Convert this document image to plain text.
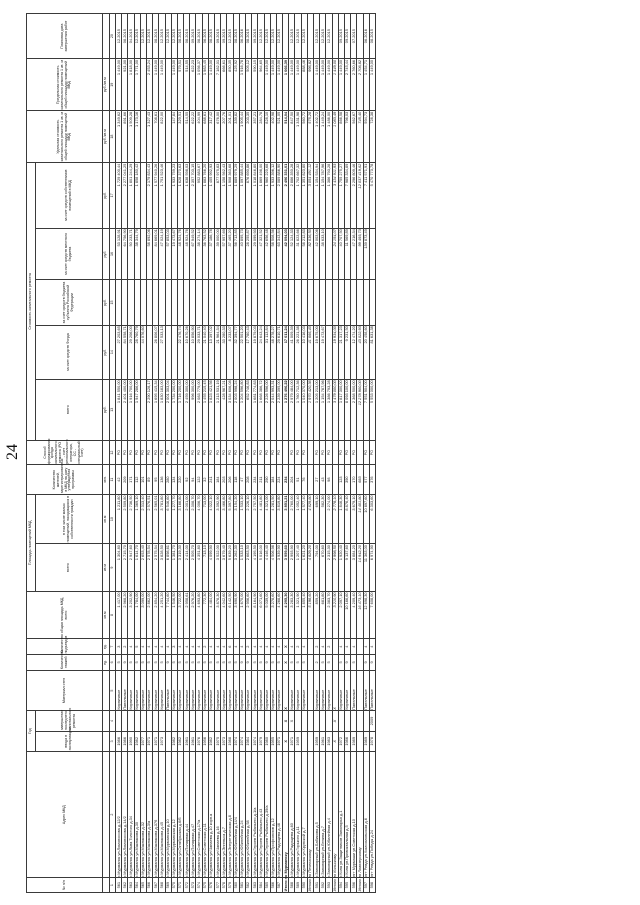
24
№ п/п	Адрес МКД	Год		Материал стен	Количество этажей	Количество подъездов	общая площадь МКД, всего	Площадь помещений МКД		Количество жителей, зарегистрированных в МКД на дату утверждения программы	Способ формирования фонда капитального ремонта (РО - счет регионального оператора, СС - специальный счет)	Стоимость капитального ремонта					Удельная стоимость капитального ремонта 1 кв. м общей площади помещений МКД	Предельная стоимость капитального ремонта 1 кв. м общей площади помещений МКД	Плановая дата завершения работ
		ввода в эксплуатацию	завершение последнего капитального ремонта					всего	в том числе жилых помещений, находящихся в собственности граждан			всего	за счет средств Фонда	за счет средств бюджета субъекта Российской Федерации	за счет средств местного бюджета	за счет средств собственников помещений в МКД			
					ед.	ед.	кв.м	кв.м	кв.м	чел.		руб.	руб.	руб.	руб.	руб.	руб./кв.м	руб./кв.м	
1	2	3	4	5	6	7	8	9	10	11	12	13	14	15	16	17	18	19	20
561	г.Мурманск ул.Ломоносова д.12/2	1986		Кирпичные	5	3	1 417,00	1 304,80	1 211,80	42	РО	1 841 550,00	27 203,65		53 128,91	1 729 400,44	1 349,62	1 449,00	12.2015
562	г.Мурманск ул.Ломоносова д.14/2	1986		Панельные	9	2	2 968,20	2 715,70	2 509,80	209	РО	2 401 400,00	84 558,71		64 756,90	2 277 041,25	891,66	921,00	08.2015
563	г.Мурманск ул.Льва Толстого д.34	1990		Кирпичные	5	4	3 202,90	2 947,60	2 736,50	171	РО	1 916 700,00	29 206,00		50 233,71	1 801 244,29	1 509,28	1 818,00	04.2015
564	г.Мурманск ул.Маклакова д.30	1982		Кирпичные	5	5	1 784,00	1 614,70	1 369,10	112	РО	1 947 286,00	28 760,79		38 344,79	1 858 180,42	1 173,16	1 771,00	12.2015
565	г.Мурманск ул.Маклакова д.32	1977		Кирпичные	5	4	3 099,00	2 653,40	2 313,40	101	РО		44 076,60						12.2015
566	г.Мурманск ул.Маклакова д.3/а	1971		Кирпичные	5	4	2 862,00	2 578,54	2 576,51	89	РО	2 290 128,17			58 892,06	2 179 834,43	1 327,43	2 453,24	12.2015
567	г.Мурманск ул.Маклакова д.37б	1971		Кирпичные	5	4	2 854,20	2 575,54	2 565,01	95	РО	1 695 415,34	26 806,07		84 669,01	1 577 940,26	708,61	1 449,00	08.2015
568	г.Мурманск ул.Маклакова д.45	1973		Кирпичные	5	4	4 251,20	3 828,50	3 781,80	136	РО	1 830 183,00	27 533,13		47 024,19	1 751 523,46	822,00	1 449,00	12.2015
569	г.Мурманск ул.Мурманская д.10			Панельные	9	4	7 744,60	6 898,61	6 546,60	280	РО	2 001 303,04			57 853,03				12.2015
570	г.Мурманск ул.Мурманская д.12	1982		Кирпичные	5	3	1 546,50	1 381,70	1 277,70	134	РО	1 734 200,00			19 473,67	1 933 759,23	147,84	1 449,00	12.2015
571	г.Мурманск ул.Октябрьская д.6/б	1982		Кирпичные	5	4	3 722,00	3 319,30	3 166,80	220	РО	1 716 200,00	22 476,74		48 924,76	1 628 370,63	329,51	579,51	08.2015
572	г.Мурманск ул.Полярная д.44	1961		Кирпичные	5	4	2 958,61	2 414,00	2 001,00	92	РО	2 459 300,00	10 670,26		48 924,76	1 638 598,03	514,55	514,55	08.2015
573	г.Мурманск ул.Полярная д.47	1961		Кирпичные	5	4	2 976,20	2 505,70	2 308,70	94	РО	996 300,00	10 856,90		67 949,52	2 357 703,15	622,22	622,23	09.2015
574	г.Мурманск ул.Советская д.17/а	1976		Кирпичные	5	4	4 693,80	4 351,80	4 006,70	122	РО	2 083 779,00	29 033,71		38 274,14	952 883,67	404,99	1 056,37	08.2015
575	г.Мурманск ул.Советская д.11	1956		Кирпичные	5	2	772,30	713,10	713,00	32	РО	1 455 215,45	21 040,40		36 763,52	1 883 766,20	688,61	1 983,45	06.2015
576	г.Мурманск ул.Чапаева д.10 корп.а	1982		Кирпичные	5	4	4 484,00	4 099,90	4 022,10	241	РО	1 823 421,56	13 397,02		37 186,78	1 405 992,93	317,42	1 449,00	08.2015
577	г.Мурманск ул.Чапаева д.16	1975		Кирпичные	5	4	3 878,30	3 522,00	3 392,90	184	РО	1 213 531,19	21 964,34		39 000,00	877 975,83	676,00	7 182,01	09.2015
578	г.Мурманск ул.Энгельса д.7	1973		Кирпичные	5	4	4 042,60	3 679,40	3 466,80	203	РО	428 987,21	33 280,33		57 957,69	1 158 562,43	207,76	666,61	09.2015
579	г.Мурманск ул.Энергетическая д.8	1988		Кирпичные	5	6	6 142,50	5 639,20	5 397,80	206	РО	3 034 606,08	8 233,07		37 465,20	1 908 363,68	201,01	850,35	12.2015
580	г.Мурманск ул.Юбилейная д.14/4	1974		Кирпичные	5	4	3 690,90	3 262,30	3 154,20	118	РО	2 003 998,24	32 394,77		56 713,85	1 889 979,29	339,82	425,92	08.2015
581	г.Мурманск ул.Юбилейная д.24	1974		Кирпичные	9	4	1 670,00	1 533,10	1 533,10	47	РО	1 204 596,80	22 501,20		40 895,73	1 097 885,44	1 905,44	1 916,78	06.2016
582	г.Мурманск ул.Юбилейная д.58	1984		Кирпичные	9	2	2 956,60	2 663,50	2 226,10	208	РО	652 746,83	17 780,43		28 255,87	876 690,86	203,35	505,12	08.2015
583	г.Мурманск ул.Героев Рыбачьего д.1/а	1974		Кирпичные	5	4	8 164,90	4 195,50	2 757,50	234	РО	1 681 774,83	19 879,03		29 099,93	1 018 846,80	357,21	590,15	09.2015
584	г.Мурманск ул.Героев Рыбачьего д.43	1979		Кирпичные	5	4	6 071,60	5 016,00	4 481,80	211	РО	1 668 386,72	24 643,24		47 321,52	1 869 498,00	284,78	964,65	12.2015
585	г.Мурманск ул.Героев Рыбачьего д.39/а	1980		Кирпичные	9	4	5 039,00	4 446,40	4 321,00	290	РО	2 226 596,00	31 113,84		42 656,48	1 960 220,68	828,10	1 449,00	12.2015
586	г.Мурманск ул.Профсоюзов д.12	1955		Кирпичные	5	4	3 278,60	4 506,98	4 281,50	184	РО	2 044 993,31	48 278,27		58 508,56	1 933 396,12	402,98	1 449,00	12.2015
587	г.Мурманск ул.Радищева д.48	1971		Кирпичные	5	4	4 268,60	3 939,90	3 819,80	224	РО	2 239 395,00	29 610,71		63 343,84	2 089 886,90	521,05	1 449,00	12.2015
Итого по Мурманску		X	X	X	X	X	4 295,30	3 959,60	3 851,21	234		1 276 496,22	17 011,24		42 094,03	2 496 331,01	514,04	1 066,39	
588	г.Мурманск ул.Радищева д.60	1971	X	Кирпичные	5	4	3 283,30	2 993,90	2 760,00	204	РО	2 979 484,00	41 009,39		52 124,33	2 886 350,28	847,50	1 449,00	12.2015
589	г.Мурманск ул.Горького д.11	1959		Кирпичные	5	2	1 321,90	1 207,40	1 052,40	51	РО	1 760 712,36	26 221,38		31 823,66	1 702 667,32	1 331,98	1 449,00	12.2015
590	г.Мурманск ул.Крупской д.7			Кирпичные	5	4	1 855,40	1 621,20	1 577,40	76	РО	1 040 370,00	10 416,03		58 212,83	1 351 823,80	560,72	888,46	12.2015
Итого по Печенгскому							5 198,60	4 829,20	4 629,80			1 970 420,36	41 666,40		82 636,50	3 054 491,12	575,28	996,82	
591	г.Заполярный ул.Бабикова д.5	1959		Кирпичные	2	2	859,20	794,00	699,10	27	РО	1 205 213,00	19 675,00		42 003,06	1 154 534,94	1 402,72	1 449,00	12.2015
592	г.Заполярный ул.Ленина д.7	1961		Кирпичные	5	4	681,80	670,60	582,30	43	РО	1 154 787,96	19 473,67		38 633,10	1 154 787,96	1 449,24	1 449,00	12.2015
593	г.Заполярный ул.Юбилейная д.4	1983		Кирпичные	5	2	2 383,70	2 315,30	2 274,00	98	РО	1 386 793,28				1 386 793,28	1 486,00	1 449,00	12.2015
Итого по Кольскому		X	X	X			3 210,90	2 998,50	2 778,10			3 479 000,00	19 934,00		24 154,07	3 434 911,93	1 083,49	1 449,00	
594	г.Кола ул.Защитников Заполярья д.1	1972		Кирпичные	5	4	2 097,10	1 920,40	1 846,30	123	РО	1 817 300,00	21 317,23		40 707,50	1 755 275,27	866,58	1 449,00	09.2015
595	г.Кола ул.Привокзальная д.5	1986		Кирпичные	9	4	10 166,60	9 137,60	8 876,40	390	РО	8 093 100,00	9 231,50		11 569,89	7 985 334,89	796,03	2 745,44	09.2015
596	пгт Мурмаши ул.Советская д.10	1989		Панельные	5	4	4 209,40	3 884,20	3 679,10	170	РО	2 368 500,00	12 474,20		47 216,34	2 296 809,46	562,67	2 760,66	07.2015
Итого по Ловозерскому							16 473,10	14 942,20	14 401,80	683		12 278 900,00	43 022,93		99 493,73	12 037 419,62	745,40	2 706,82	
597	пгт Ревда ул.Комсомольская д.6	1989		Панельные	9	4	12 698,30	11 363,00	10 897,60	577	РО	7 551 904,00	20 458,60		139 873,49	7 411 571,91	594,73	1 454,71	06.2016
598	пгт Ревда ул.Победы д.24	1978	2009	Панельные	9	4	7 608,00	6 974,90	6 303,60	376	РО	5 553 000,00	81 631,38			5 470 773,78	728,38	1 449,00	08.2015
